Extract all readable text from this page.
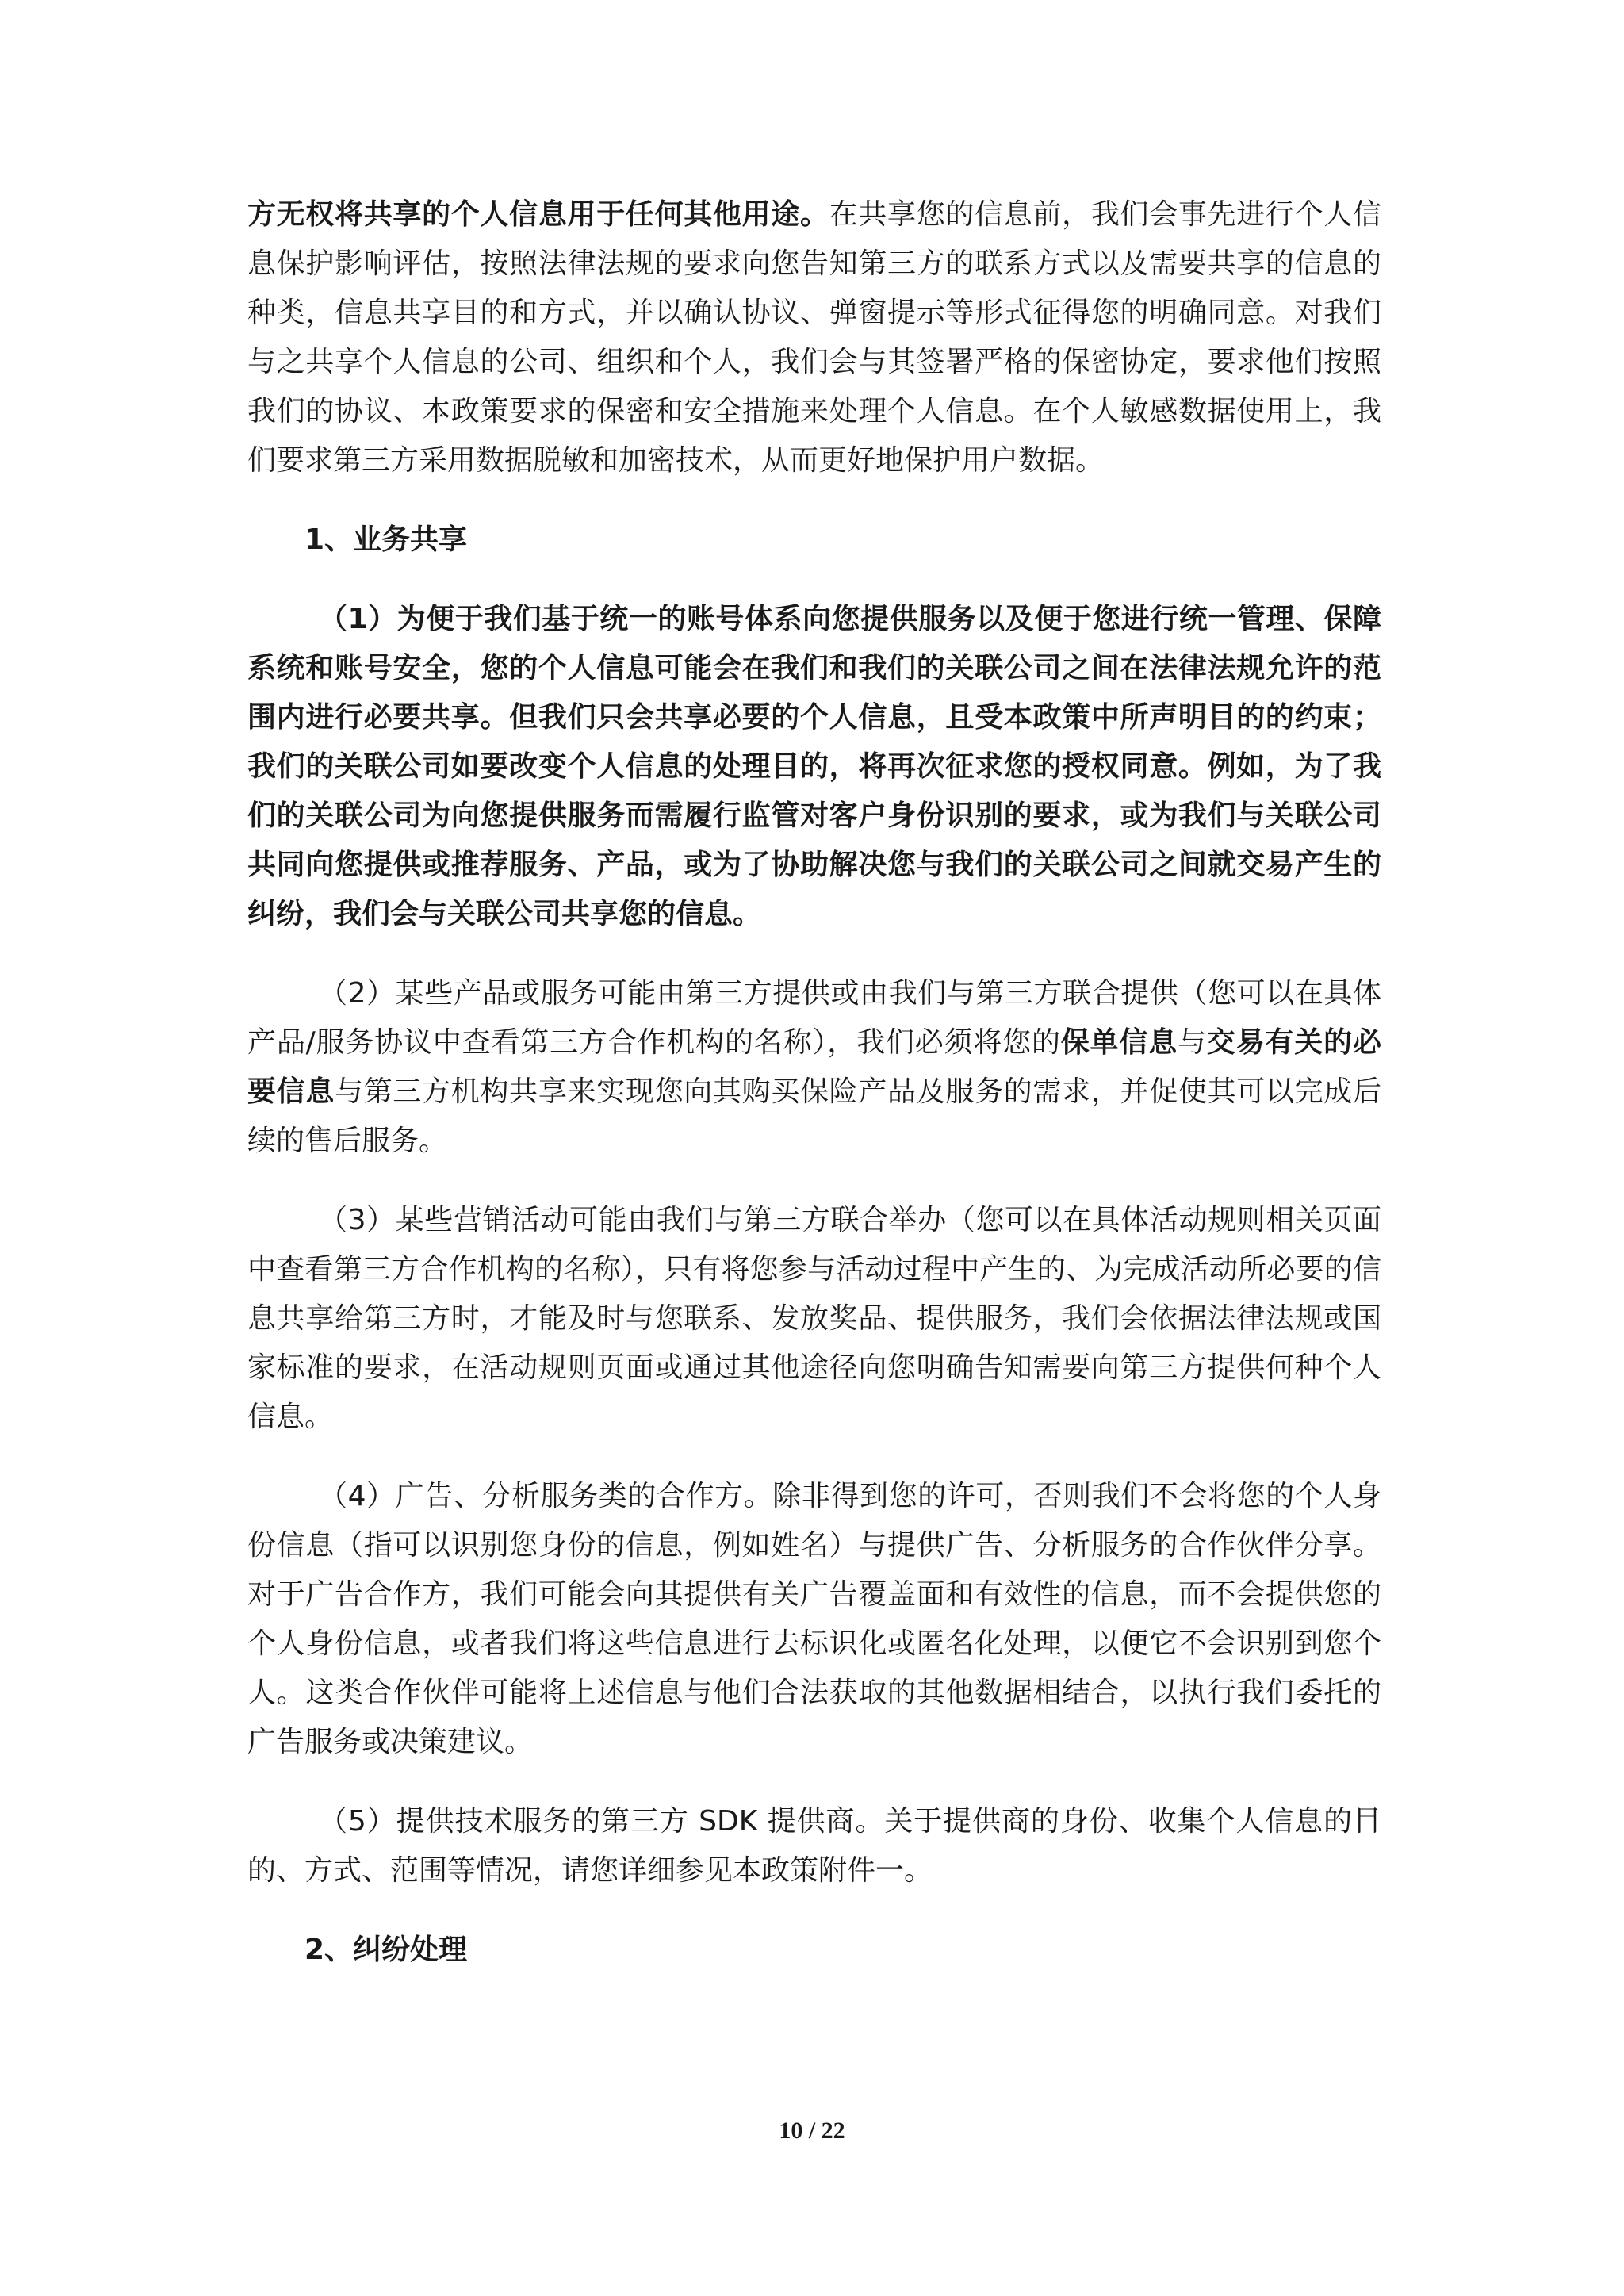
方无权将共享的个人信息用于任何其他用途。在共享您的信息前，我们会事先进行个人信息保护影响评估，按照法律法规的要求向您告知第三方的联系方式以及需要共享的信息的种类，信息共享目的和方式，并以确认协议、弹窗提示等形式征得您的明确同意。对我们与之共享个人信息的公司、组织和个人，我们会与其签署严格的保密协定，要求他们按照我们的协议、本政策要求的保密和安全措施来处理个人信息。在个人敏感数据使用上，我们要求第三方采用数据脱敏和加密技术，从而更好地保护用户数据。

1、业务共享

（1）为便于我们基于统一的账号体系向您提供服务以及便于您进行统一管理、保障系统和账号安全，您的个人信息可能会在我们和我们的关联公司之间在法律法规允许的范围内进行必要共享。但我们只会共享必要的个人信息，且受本政策中所声明目的的约束；我们的关联公司如要改变个人信息的处理目的，将再次征求您的授权同意。例如，为了我们的关联公司为向您提供服务而需履行监管对客户身份识别的要求，或为我们与关联公司共同向您提供或推荐服务、产品，或为了协助解决您与我们的关联公司之间就交易产生的纠纷，我们会与关联公司共享您的信息。

（2）某些产品或服务可能由第三方提供或由我们与第三方联合提供（您可以在具体产品/服务协议中查看第三方合作机构的名称），我们必须将您的保单信息与交易有关的必要信息与第三方机构共享来实现您向其购买保险产品及服务的需求，并促使其可以完成后续的售后服务。

（3）某些营销活动可能由我们与第三方联合举办（您可以在具体活动规则相关页面中查看第三方合作机构的名称），只有将您参与活动过程中产生的、为完成活动所必要的信息共享给第三方时，才能及时与您联系、发放奖品、提供服务，我们会依据法律法规或国家标准的要求，在活动规则页面或通过其他途径向您明确告知需要向第三方提供何种个人信息。

（4）广告、分析服务类的合作方。除非得到您的许可，否则我们不会将您的个人身份信息（指可以识别您身份的信息，例如姓名）与提供广告、分析服务的合作伙伴分享。对于广告合作方，我们可能会向其提供有关广告覆盖面和有效性的信息，而不会提供您的个人身份信息，或者我们将这些信息进行去标识化或匿名化处理，以便它不会识别到您个人。这类合作伙伴可能将上述信息与他们合法获取的其他数据相结合，以执行我们委托的广告服务或决策建议。

（5）提供技术服务的第三方 SDK 提供商。关于提供商的身份、收集个人信息的目的、方式、范围等情况，请您详细参见本政策附件一。

2、纠纷处理
10 / 22
